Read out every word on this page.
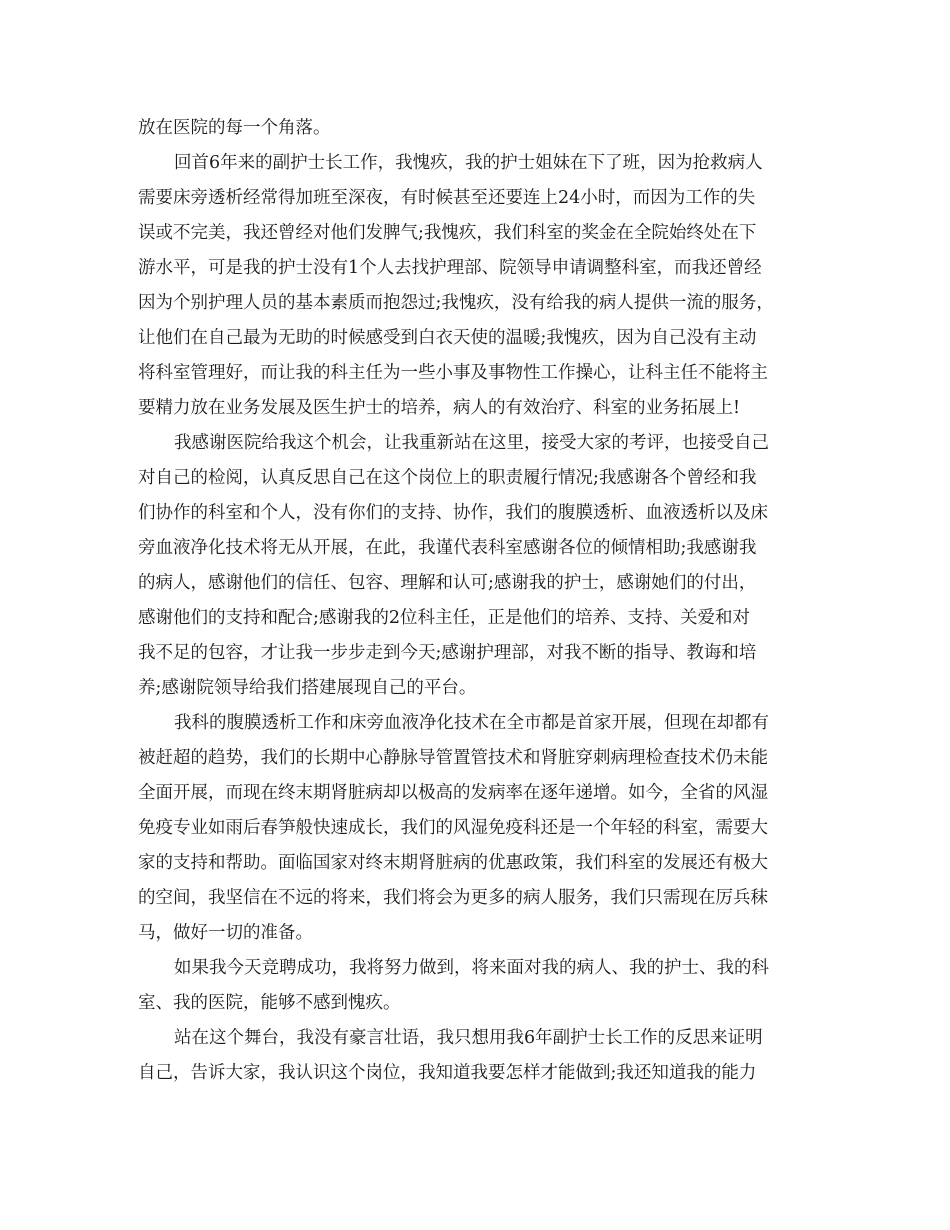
放在医院的每一个角落。
回首6年来的副护士长工作，我愧疚，我的护士姐妹在下了班，因为抢救病人
需要床旁透析经常得加班至深夜，有时候甚至还要连上24小时，而因为工作的失
误或不完美，我还曾经对他们发脾气;我愧疚，我们科室的奖金在全院始终处在下
游水平，可是我的护士没有1个人去找护理部、院领导申请调整科室，而我还曾经
因为个别护理人员的基本素质而抱怨过;我愧疚，没有给我的病人提供一流的服务，
让他们在自己最为无助的时候感受到白衣天使的温暖;我愧疚，因为自己没有主动
将科室管理好，而让我的科主任为一些小事及事物性工作操心，让科主任不能将主
要精力放在业务发展及医生护士的培养，病人的有效治疗、科室的业务拓展上!
我感谢医院给我这个机会，让我重新站在这里，接受大家的考评，也接受自己
对自己的检阅，认真反思自己在这个岗位上的职责履行情况;我感谢各个曾经和我
们协作的科室和个人，没有你们的支持、协作，我们的腹膜透析、血液透析以及床
旁血液净化技术将无从开展，在此，我谨代表科室感谢各位的倾情相助;我感谢我
的病人，感谢他们的信任、包容、理解和认可;感谢我的护士，感谢她们的付出，
感谢他们的支持和配合;感谢我的2位科主任，正是他们的培养、支持、关爱和对
我不足的包容，才让我一步步走到今天;感谢护理部，对我不断的指导、教诲和培
养;感谢院领导给我们搭建展现自己的平台。
我科的腹膜透析工作和床旁血液净化技术在全市都是首家开展，但现在却都有
被赶超的趋势，我们的长期中心静脉导管置管技术和肾脏穿刺病理检查技术仍未能
全面开展，而现在终末期肾脏病却以极高的发病率在逐年递增。如今，全省的风湿
免疫专业如雨后春笋般快速成长，我们的风湿免疫科还是一个年轻的科室，需要大
家的支持和帮助。面临国家对终末期肾脏病的优惠政策，我们科室的发展还有极大
的空间，我坚信在不远的将来，我们将会为更多的病人服务，我们只需现在厉兵秣
马，做好一切的准备。
如果我今天竞聘成功，我将努力做到，将来面对我的病人、我的护士、我的科
室、我的医院，能够不感到愧疚。
站在这个舞台，我没有豪言壮语，我只想用我6年副护士长工作的反思来证明
自己，告诉大家，我认识这个岗位，我知道我要怎样才能做到;我还知道我的能力
